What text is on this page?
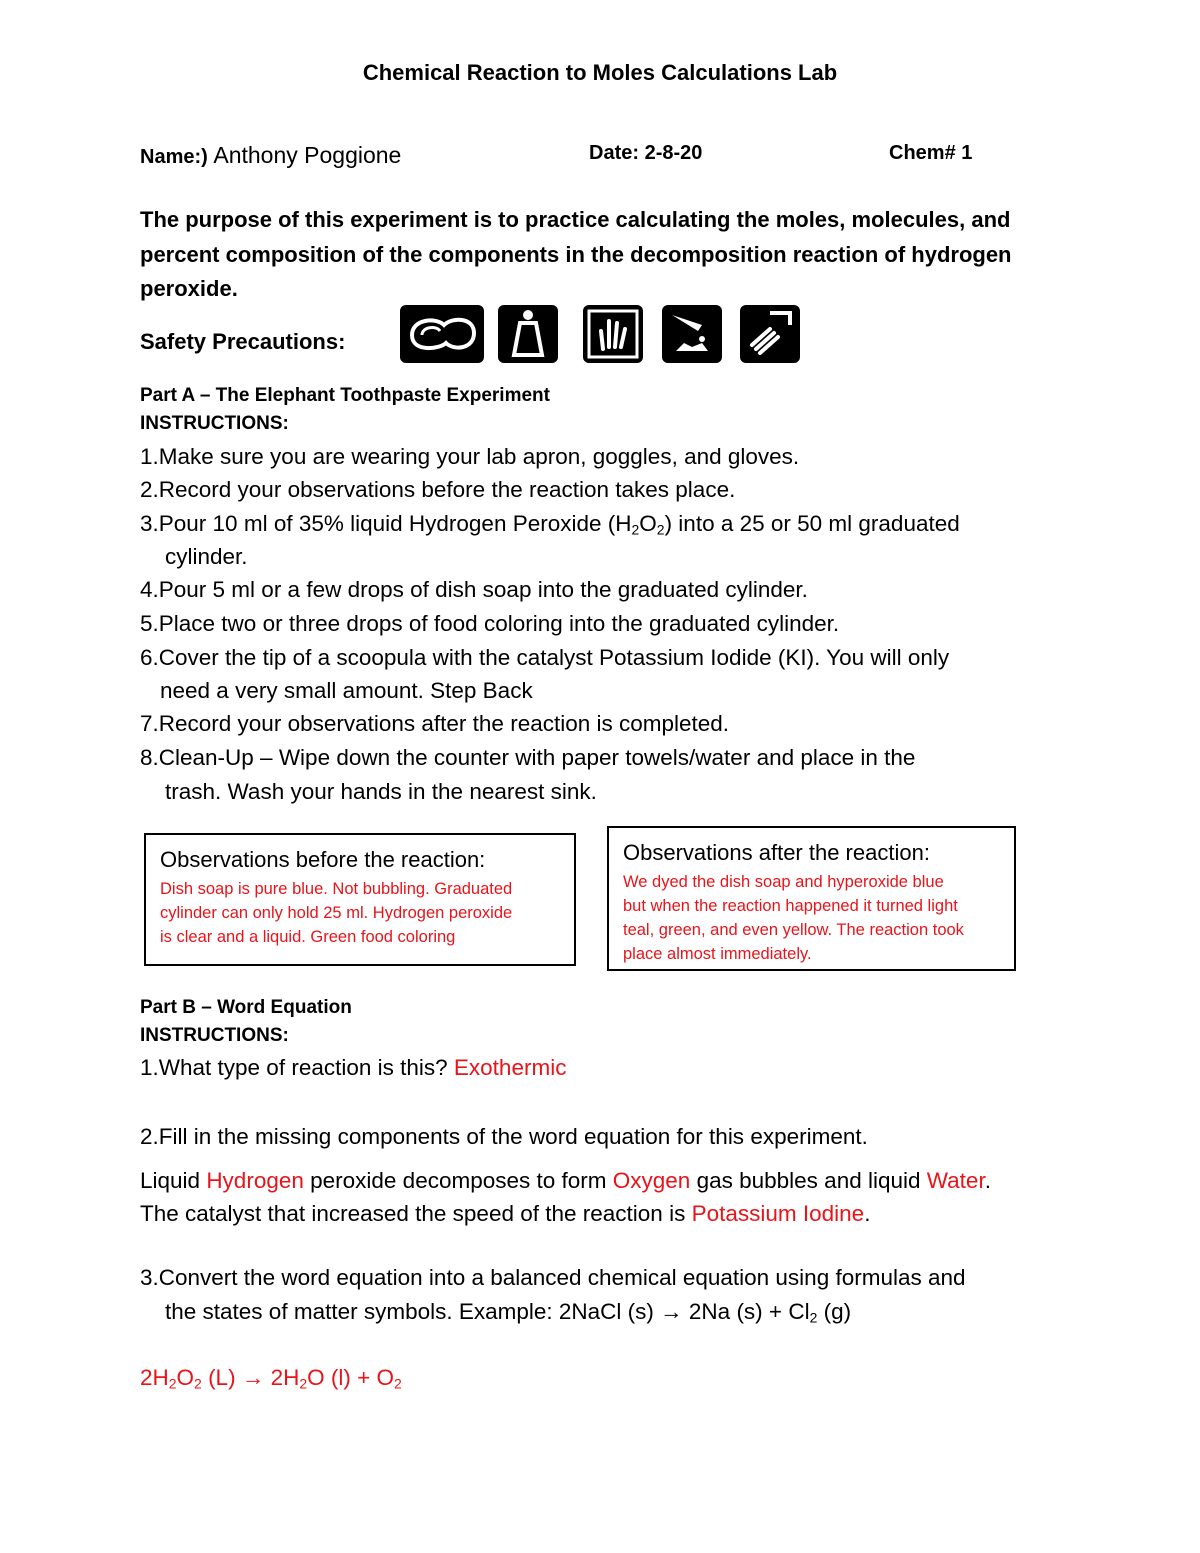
Chemical Reaction to Moles Calculations Lab
Name:) Anthony Poggione	Date: 2-8-20	Chem# 1
The purpose of this experiment is to practice calculating the moles, molecules, and percent composition of the components in the decomposition reaction of hydrogen peroxide.
Safety Precautions:
Part A – The Elephant Toothpaste Experiment
INSTRUCTIONS:
1.Make sure you are wearing your lab apron, goggles, and gloves.
2.Record your observations before the reaction takes place.
3.Pour 10 ml of 35% liquid Hydrogen Peroxide $(H_2O_2)$ into a 25 or 50 ml graduated
cylinder.
4.Pour 5 ml or a few drops of dish soap into the graduated cylinder.
5.Place two or three drops of food coloring into the graduated cylinder.
6.Cover the tip of a scoopula with the catalyst Potassium Iodide (KI). You will only
need a very small amount. Step Back
7.Record your observations after the reaction is completed.
8.Clean-Up – Wipe down the counter with paper towels/water and place in the
trash. Wash your hands in the nearest sink.
Observations before the reaction:
Dish soap is pure blue. Not bubbling. Graduated
cylinder can only hold 25 ml. Hydrogen peroxide
is clear and a liquid. Green food coloring
Observations after the reaction:
We dyed the dish soap and hyperoxide blue
but when the reaction happened it turned light
teal, green, and even yellow. The reaction took
place almost immediately.
Part B – Word Equation
INSTRUCTIONS:
1.What type of reaction is this? Exothermic
2.Fill in the missing components of the word equation for this experiment.
Liquid Hydrogen peroxide decomposes to form Oxygen gas bubbles and liquid Water.
The catalyst that increased the speed of the reaction is Potassium Iodine.
3.Convert the word equation into a balanced chemical equation using formulas and
the states of matter symbols. Example: 2NaCl (s) → 2Na $(s) + Cl_2$ (g)
$2H_2O_2$ $(L) \to 2H_2O$ $(l) + O_2$
